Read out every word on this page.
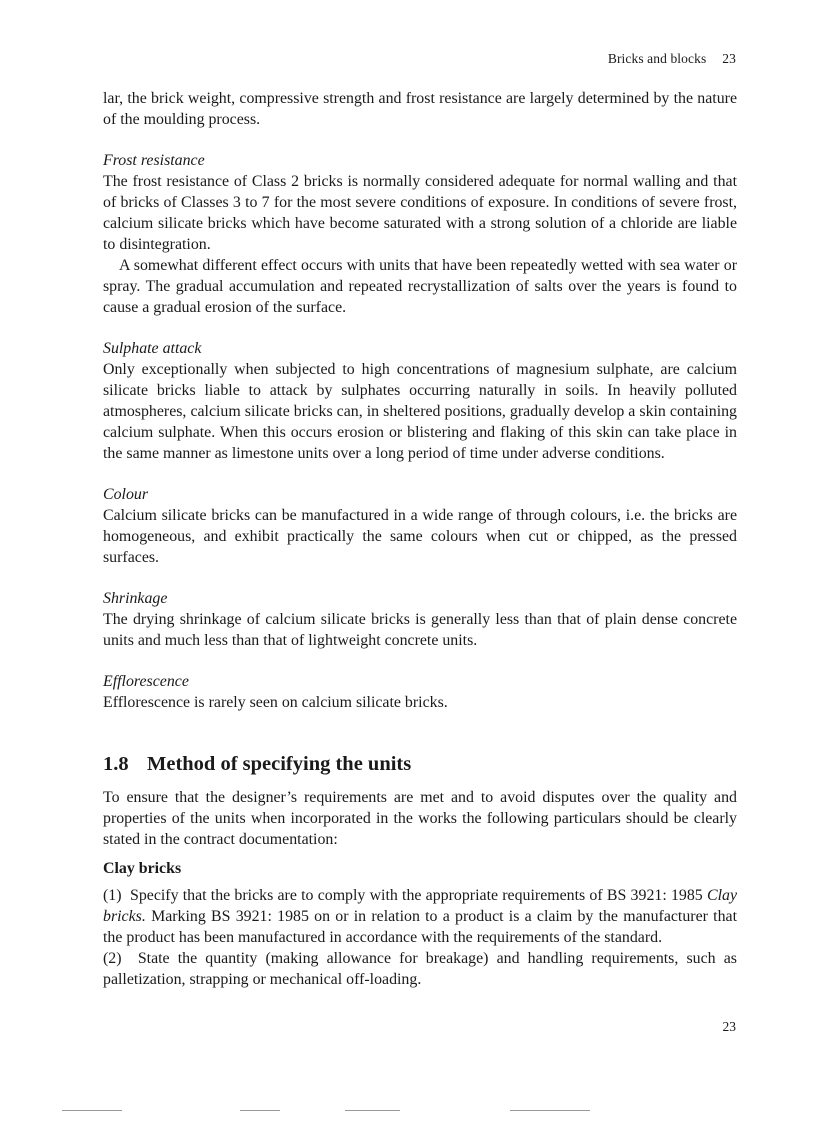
Bricks and blocks 23

lar, the brick weight, compressive strength and frost resistance are largely determined by the nature of the moulding process.

Frost resistance

The frost resistance of Class 2 bricks is normally considered adequate for normal walling and that of bricks of Classes 3 to 7 for the most severe conditions of exposure. In conditions of severe frost, calcium silicate bricks which have become saturated with a strong solution of a chloride are liable to disintegration.

A somewhat different effect occurs with units that have been repeatedly wetted with sea water or spray. The gradual accumulation and repeated recrystallization of salts over the years is found to cause a gradual erosion of the surface.

Sulphate attack

Only exceptionally when subjected to high concentrations of magnesium sulphate, are calcium silicate bricks liable to attack by sulphates occurring naturally in soils. In heavily polluted atmospheres, calcium silicate bricks can, in sheltered positions, gradually develop a skin containing calcium sulphate. When this occurs erosion or blistering and flaking of this skin can take place in the same manner as limestone units over a long period of time under adverse conditions.

Colour

Calcium silicate bricks can be manufactured in a wide range of through colours, i.e. the bricks are homogeneous, and exhibit practically the same colours when cut or chipped, as the pressed surfaces.

Shrinkage

The drying shrinkage of calcium silicate bricks is generally less than that of plain dense concrete units and much less than that of lightweight concrete units.

Efflorescence

Efflorescence is rarely seen on calcium silicate bricks.

1.8 Method of specifying the units

To ensure that the designer’s requirements are met and to avoid disputes over the quality and properties of the units when incorporated in the works the following particulars should be clearly stated in the contract documentation:

Clay bricks

(1) Specify that the bricks are to comply with the appropriate requirements of BS 3921: 1985 Clay bricks. Marking BS 3921: 1985 on or in relation to a product is a claim by the manufacturer that the product has been manufactured in accordance with the requirements of the standard.

(2) State the quantity (making allowance for breakage) and handling requirements, such as palletization, strapping or mechanical off-loading.

23
